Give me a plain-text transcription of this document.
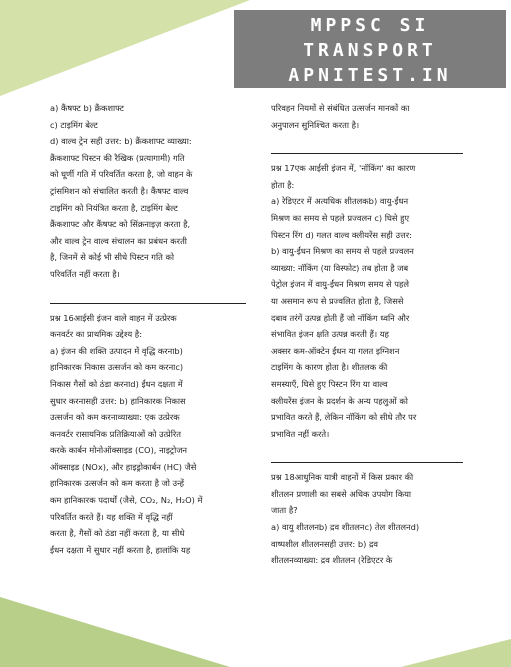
MPPSC SI
TRANSPORT
APNITEST.IN

a) कैंषफ्ट b) क्रैंकशाफ्ट
c) टाइमिंग बेल्ट
d) वाल्व ट्रेन सही उत्तर: b) क्रैंकशाफ्ट व्याख्या:
क्रैंकशाफ्ट पिस्टन की रैखिक (प्रत्यागामी) गति
को घूर्णी गति में परिवर्तित करता है, जो वाहन के
ट्रांसमिशन को संचालित करती है। कैंषफ्ट वाल्व
टाइमिंग को नियंत्रित करता है, टाइमिंग बेल्ट
क्रैंकशाफ्ट और कैंषफ्ट को सिंक्रनाइज़ करता है,
और वाल्व ट्रेन वाल्व संचालन का प्रबंधन करती
है, जिनमें से कोई भी सीधे पिस्टन गति को
परिवर्तित नहीं करता है।

प्रश्न 16आईसी इंजन वाले वाहन में उत्प्रेरक
कनवर्टर का प्राथमिक उद्देश्य है:
a) इंजन की शक्ति उत्पादन में वृद्धि करनाb)
हानिकारक निकास उत्सर्जन को कम करनाc)
निकास गैसों को ठंडा करनाd) ईंधन दक्षता में
सुधार करनासही उत्तर: b) हानिकारक निकास
उत्सर्जन को कम करनाव्याख्या: एक उत्प्रेरक
कनवर्टर रासायनिक प्रतिक्रियाओं को उत्प्रेरित
करके कार्बन मोनोऑक्साइड (CO), नाइट्रोजन
ऑक्साइड (NOx), और हाइड्रोकार्बन (HC) जैसे
हानिकारक उत्सर्जन को कम करता है जो उन्हें
कम हानिकारक पदार्थों (जैसे, CO₂, N₂, H₂O) में
परिवर्तित करते हैं। यह शक्ति में वृद्धि नहीं
करता है, गैसों को ठंडा नहीं करता है, या सीधे
ईंधन दक्षता में सुधार नहीं करता है, हालांकि यह

परिवहन नियमों से संबंधित उत्सर्जन मानकों का
अनुपालन सुनिश्चित करता है।

प्रश्न 17एक आईसी इंजन में, 'नॉकिंग' का कारण
होता है:
a) रेडिएटर में अत्यधिक शीतलकb) वायु-ईंधन
मिश्रण का समय से पहले प्रज्वलन c) घिसे हुए
पिस्टन रिंग d) गलत वाल्व क्लीयरेंस सही उत्तर:
b) वायु-ईंधन मिश्रण का समय से पहले प्रज्वलन
व्याख्या: नॉकिंग (या विस्फोट) तब होता है जब
पेट्रोल इंजन में वायु-ईंधन मिश्रण समय से पहले
या असमान रूप से प्रज्वलित होता है, जिससे
दबाव तरंगें उत्पन्न होती हैं जो नॉकिंग ध्वनि और
संभावित इंजन क्षति उत्पन्न करती हैं। यह
अक्सर कम-ऑक्टेन ईंधन या गलत इग्निशन
टाइमिंग के कारण होता है। शीतलक की
समस्याएँ, घिसे हुए पिस्टन रिंग या वाल्व
क्लीयरेंस इंजन के प्रदर्शन के अन्य पहलुओं को
प्रभावित करते हैं, लेकिन नॉकिंग को सीधे तौर पर
प्रभावित नहीं करते।

प्रश्न 18आधुनिक यात्री वाहनों में किस प्रकार की
शीतलन प्रणाली का सबसे अधिक उपयोग किया
जाता है?
a) वायु शीतलनb) द्रव शीतलनc) तेल शीतलनd)
वाष्पशील शीतलनसही उत्तर: b) द्रव
शीतलनव्याख्या: द्रव शीतलन (रेडिएटर के
